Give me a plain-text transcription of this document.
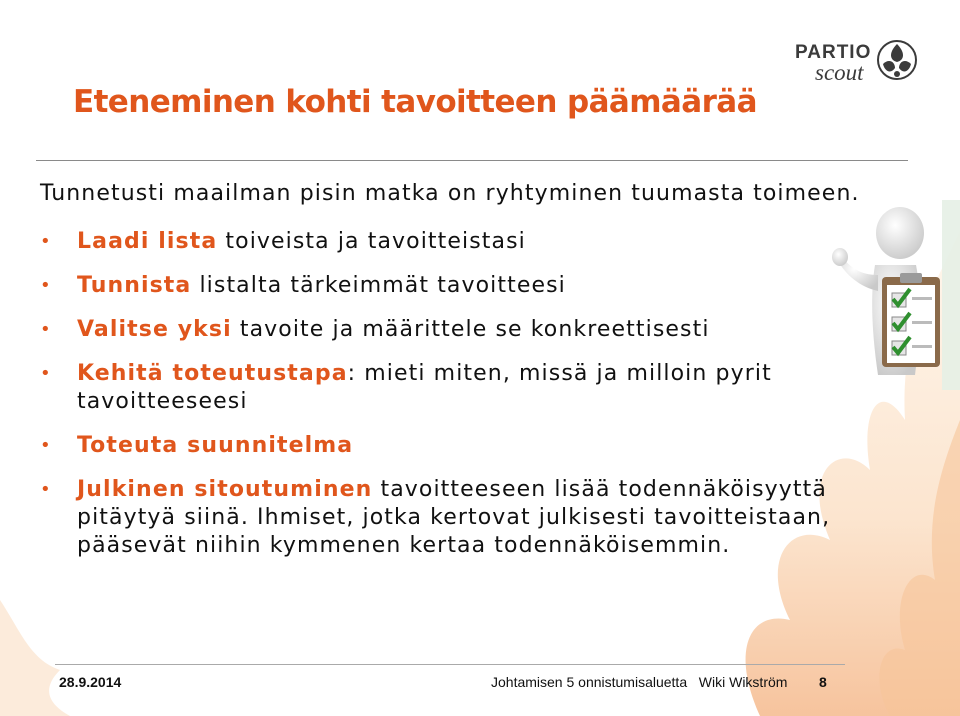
PARTIO
scout
Eteneminen kohti tavoitteen päämäärää

Tunnetusti maailman pisin matka on ryhtyminen tuumasta toimeen.

• Laadi lista toiveista ja tavoitteistasi
• Tunnista listalta tärkeimmät tavoitteesi
• Valitse yksi tavoite ja määrittele se konkreettisesti
• Kehitä toteutustapa: mieti miten, missä ja milloin pyrit tavoitteeseesi
• Toteuta suunnitelma
• Julkinen sitoutuminen tavoitteeseen lisää todennäköisyyttä pitäytyä siinä. Ihmiset, jotka kertovat julkisesti tavoitteistaan, pääsevät niihin kymmenen kertaa todennäköisemmin.
28.9.2014	Johtamisen 5 onnistumisaluetta   Wiki Wikström 8
